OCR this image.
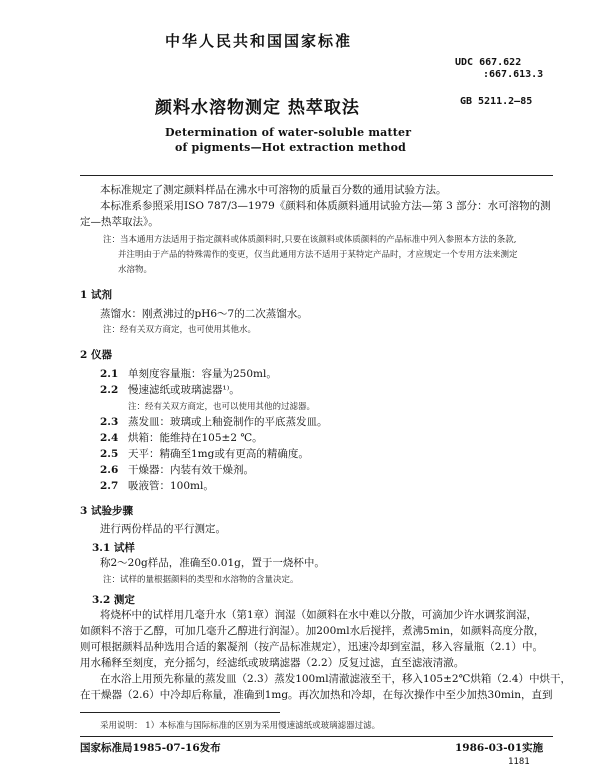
中华人民共和国国家标准
UDC 667.622
:667.613.3
颜料水溶物测定 热萃取法	GB 5211.2—85
Determination of water-soluble matter
of pigments—Hot extraction method
本标准规定了测定颜料样品在沸水中可溶物的质量百分数的通用试验方法。
本标准系参照采用ISO 787/3—1979《颜料和体质颜料通用试验方法—第 3 部分：水可溶物的测
定—热萃取法》。
注：当本通用方法适用于指定颜料或体质颜料时,只要在该颜料或体质颜料的产品标准中列入参照本方法的条款,
并注明由于产品的特殊需作的变更，仅当此通用方法不适用于某特定产品时，才应规定一个专用方法来测定
水溶物。
1 试剂
蒸馏水：刚煮沸过的pH6～7的二次蒸馏水。
注：经有关双方商定，也可使用其他水。
2 仪器
2.1 单刻度容量瓶：容量为250ml。
2.2 慢速滤纸或玻璃滤器¹⁾。
注：经有关双方商定，也可以使用其他的过滤器。
2.3 蒸发皿：玻璃或上釉瓷制作的平底蒸发皿。
2.4 烘箱：能维持在105±2 ℃。
2.5 天平：精确至1mg或有更高的精确度。
2.6 干燥器：内装有效干燥剂。
2.7 吸液管：100ml。
3 试验步骤
进行两份样品的平行测定。
3.1 试样
称2～20g样品，准确至0.01g，置于一烧杯中。
注：试样的量根据颜料的类型和水溶物的含量决定。
3.2 测定
将烧杯中的试样用几毫升水（第1章）润湿（如颜料在水中难以分散，可滴加少许水调浆润湿，
如颜料不溶于乙醇，可加几毫升乙醇进行润湿）。加200ml水后搅拌，煮沸5min，如颜料高度分散，
则可根据颜料品种选用合适的絮凝剂（按产品标准规定），迅速冷却到室温，移入容量瓶（2.1）中。
用水稀释至刻度，充分摇匀，经滤纸或玻璃滤器（2.2）反复过滤，直至滤液清澈。
在水浴上用预先称量的蒸发皿（2.3）蒸发100ml清澈滤液至干，移入105±2℃烘箱（2.4）中烘干，
在干燥器（2.6）中冷却后称量，准确到1mg。再次加热和冷却，在每次操作中至少加热30min，直到
采用说明： 1）本标准与国际标准的区别为采用慢速滤纸或玻璃滤器过滤。
国家标准局1985-07-16发布	1986-03-01实施
1181
